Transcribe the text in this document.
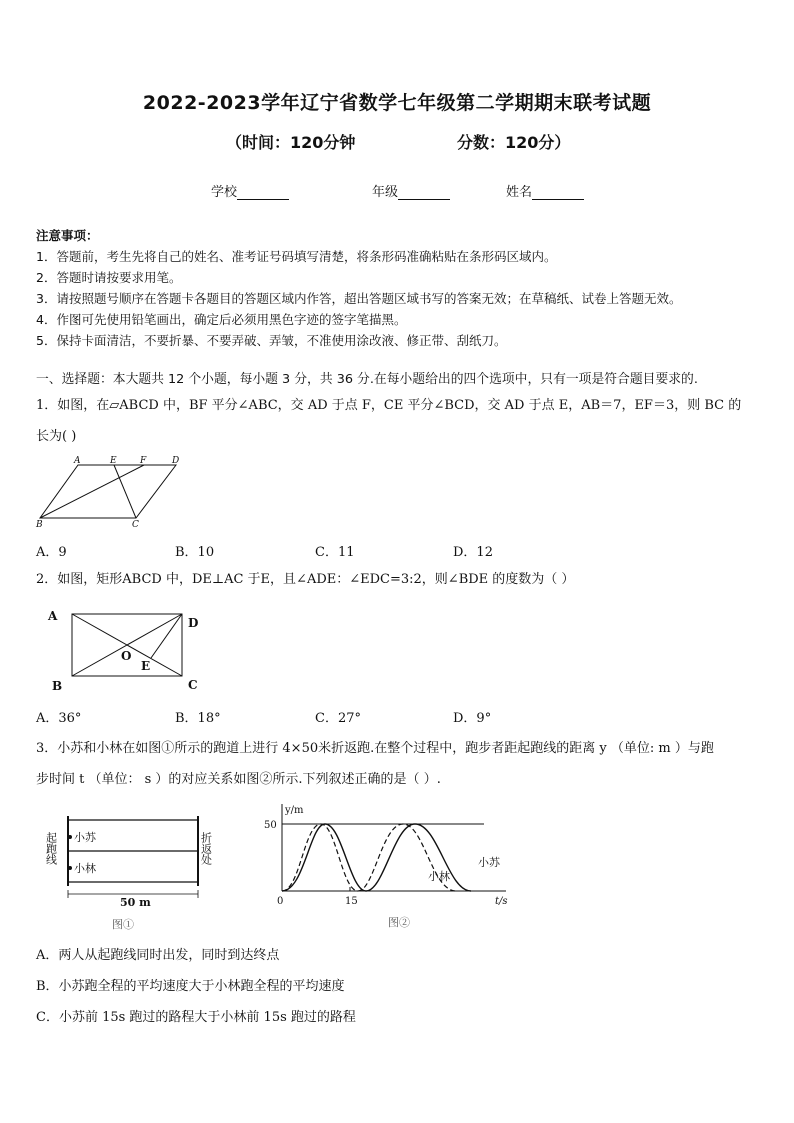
2022-2023学年辽宁省数学七年级第二学期期末联考试题
（时间：120分钟	分数：120分）
学校	年级	姓名
注意事项：
1．答题前，考生先将自己的姓名、准考证号码填写清楚，将条形码准确粘贴在条形码区域内。
2．答题时请按要求用笔。
3．请按照题号顺序在答题卡各题目的答题区域内作答，超出答题区域书写的答案无效；在草稿纸、试卷上答题无效。
4．作图可先使用铅笔画出，确定后必须用黑色字迹的签字笔描黑。
5．保持卡面清洁，不要折暴、不要弄破、弄皱，不准使用涂改液、修正带、刮纸刀。
一、选择题：本大题共 12 个小题，每小题 3 分，共 36 分.在每小题给出的四个选项中，只有一项是符合题目要求的.
1．如图，在▱ABCD 中，BF 平分∠ABC，交 AD 于点 F，CE 平分∠BCD，交 AD 于点 E，AB＝7，EF＝3，则 BC 的
长为( )
A	E	F	D
B	C
A．9	B．10	C．11	D．12
2．如图，矩形ABCD 中，DE⊥AC 于E，且∠ADE：∠EDC=3:2，则∠BDE 的度数为（ ）
A	D
B	C
O
E
A．36°	B．18°	C．27°	D．9°
3．小苏和小林在如图①所示的跑道上进行 4×50米折返跑.在整个过程中，跑步者距起跑线的距离 y （单位: m ）与跑
步时间 t （单位： s ）的对应关系如图②所示.下列叙述正确的是（ ）.
起跑线	折返处
小苏
小林
50 m
图①
y/m
50
0	15	t/s
小苏
小林
图②
A．两人从起跑线同时出发，同时到达终点
B．小苏跑全程的平均速度大于小林跑全程的平均速度
C．小苏前 15s 跑过的路程大于小林前 15s 跑过的路程
